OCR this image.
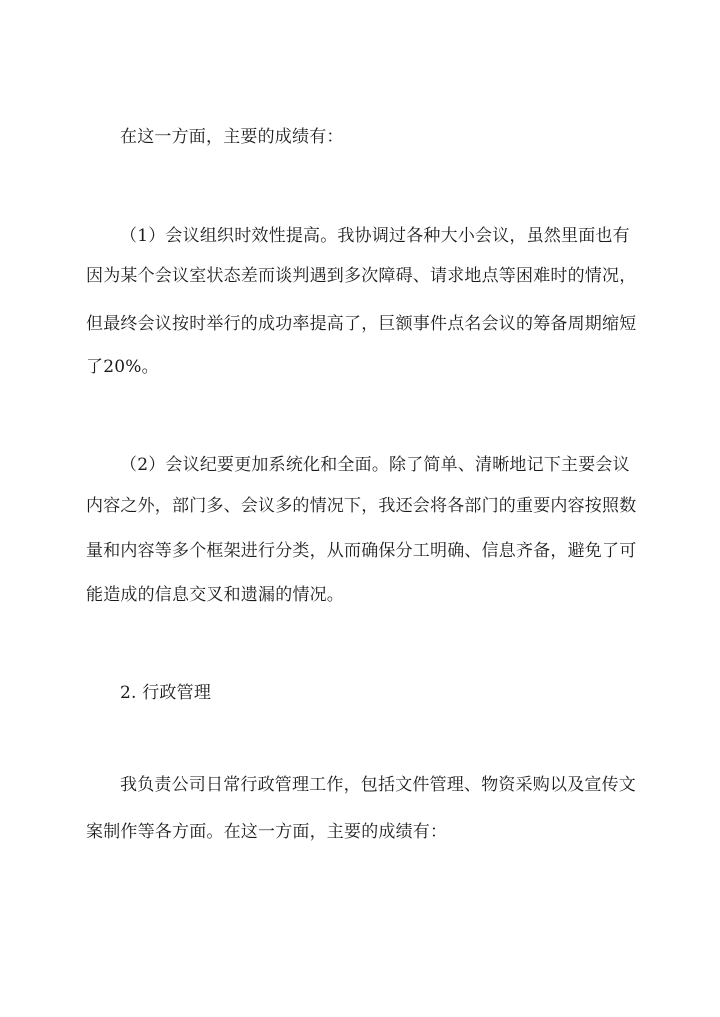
在这一方面，主要的成绩有：
（1）会议组织时效性提高。我协调过各种大小会议，虽然里面也有
因为某个会议室状态差而谈判遇到多次障碍、请求地点等困难时的情况，
但最终会议按时举行的成功率提高了，巨额事件点名会议的筹备周期缩短
了20%。
（2）会议纪要更加系统化和全面。除了简单、清晰地记下主要会议
内容之外，部门多、会议多的情况下，我还会将各部门的重要内容按照数
量和内容等多个框架进行分类，从而确保分工明确、信息齐备，避免了可
能造成的信息交叉和遗漏的情况。
2. 行政管理
我负责公司日常行政管理工作，包括文件管理、物资采购以及宣传文
案制作等各方面。在这一方面，主要的成绩有：
